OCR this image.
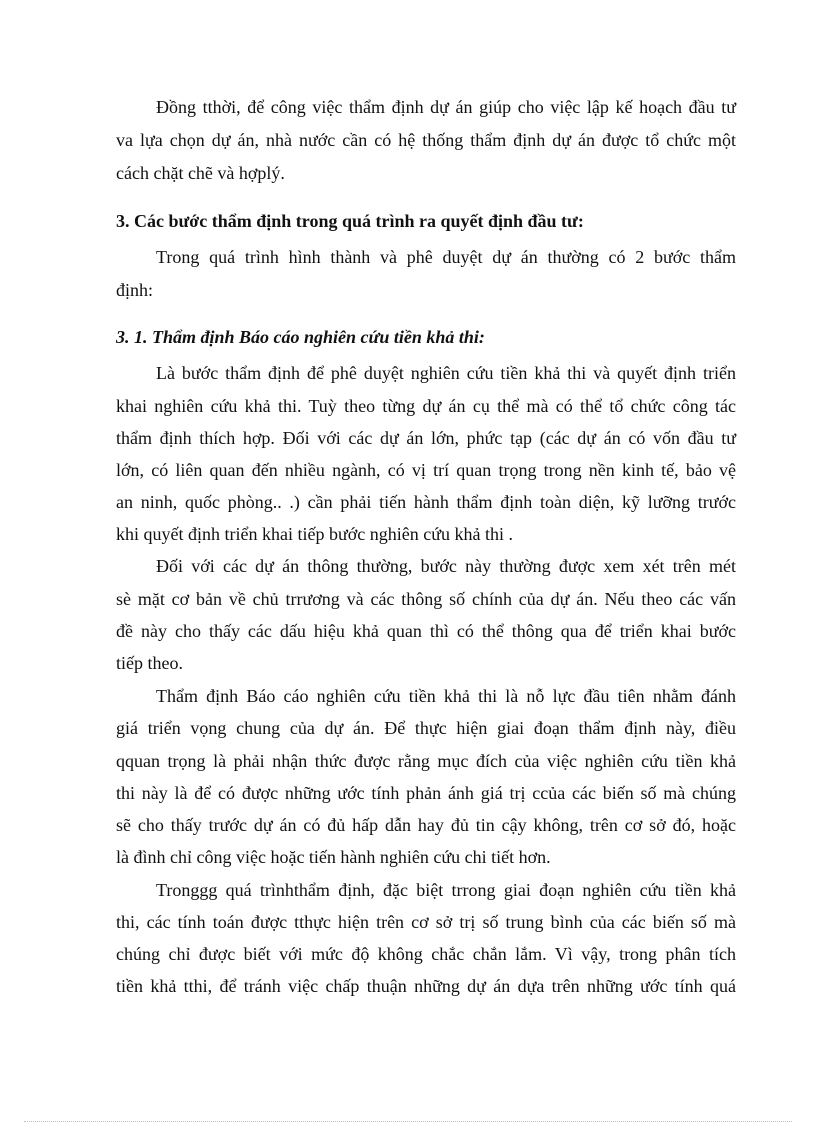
Đồng tthời, để công việc thẩm định dự án giúp cho việc lập kế hoạch đầu tư
va lựa chọn dự án, nhà nước cần có hệ thống thẩm định dự án được tổ chức một
cách chặt chẽ và hợplý.
3. Các bước thẩm định trong quá trình ra quyết định đầu tư:
Trong quá trình hình thành và phê duyệt dự án thường có 2 bước thẩm
định:
3. 1. Thẩm định Báo cáo nghiên cứu tiền khả thi:
Là bước thẩm định để phê duyệt nghiên cứu tiền khả thi và quyết định triển
khai nghiên cứu khả thi. Tuỳ theo từng dự án cụ thể mà có thể tổ chức công tác
thẩm định thích hợp. Đối với các dự án lớn, phức tạp (các dự án có vốn đầu tư
lớn, có liên quan đến nhiều ngành, có vị trí quan trọng trong nền kinh tế, bảo vệ
an ninh, quốc phòng.. .) cần phải tiến hành thẩm định toàn diện, kỹ lưỡng trước
khi quyết định triển khai tiếp bước nghiên cứu khả thi .
Đối với các dự án thông thường, bước này thường được xem xét trên mét
sè mặt cơ bản về chủ trrương và các thông số chính của dự án. Nếu theo các vấn
đề này cho thấy các dấu hiệu khả quan thì có thể thông qua để triển khai bước
tiếp theo.
Thẩm định Báo cáo nghiên cứu tiền khả thi là nỗ lực đầu tiên nhằm đánh
giá triển vọng chung của dự án. Để thực hiện giai đoạn thẩm định này, điều
qquan trọng là phải nhận thức được rằng mục đích của việc nghiên cứu tiền khả
thi này là để có được những ước tính phản ánh giá trị ccủa các biến số mà chúng
sẽ cho thấy trước dự án có đủ hấp dẫn hay đủ tin cậy không, trên cơ sở đó, hoặc
là đình chỉ công việc hoặc tiến hành nghiên cứu chi tiết hơn.
Tronggg quá trìnhthẩm định, đặc biệt trrong giai đoạn nghiên cứu tiền khả
thi, các tính toán được tthực hiện trên cơ sở trị số trung bình của các biến số mà
chúng chỉ được biết với mức độ không chắc chắn lắm. Vì vậy, trong phân tích
tiền khả tthi, để tránh việc chấp thuận những dự án dựa trên những ước tính quá
